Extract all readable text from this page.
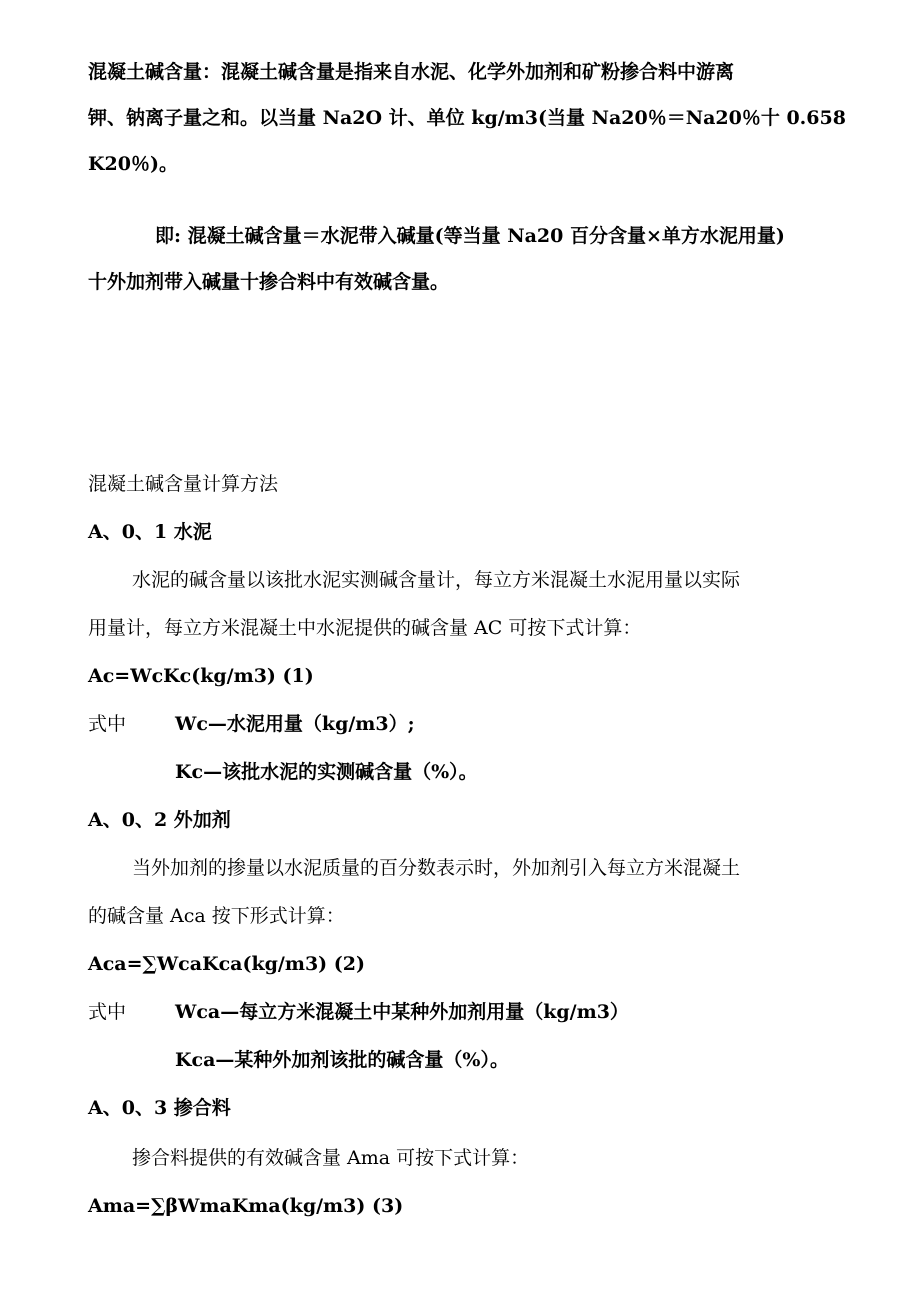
混凝土碱含量：混凝土碱含量是指来自水泥、化学外加剂和矿粉掺合料中游离
钾、钠离子量之和。以当量 Na2O 计、单位 kg/m3(当量 Na20％＝Na20％十 0.658
K20％)。
即: 混凝土碱含量＝水泥带入碱量(等当量 Na20 百分含量×单方水泥用量)
十外加剂带入碱量十掺合料中有效碱含量。
混凝土碱含量计算方法
A、0、1 水泥
水泥的碱含量以该批水泥实测碱含量计，每立方米混凝土水泥用量以实际
用量计，每立方米混凝土中水泥提供的碱含量 AC 可按下式计算：
Ac=WcKc(kg/m3) (1)
式中	Wc—水泥用量（kg/m3）;
Kc—该批水泥的实测碱含量（%）。
A、0、2 外加剂
当外加剂的掺量以水泥质量的百分数表示时，外加剂引入每立方米混凝土
的碱含量 Aca 按下形式计算：
Aca=∑WcaKca(kg/m3) (2)
式中	Wca—每立方米混凝土中某种外加剂用量（kg/m3）
Kca—某种外加剂该批的碱含量（%）。
A、0、3 掺合料
掺合料提供的有效碱含量 Ama 可按下式计算：
Ama=∑βWmaKma(kg/m3) (3)
